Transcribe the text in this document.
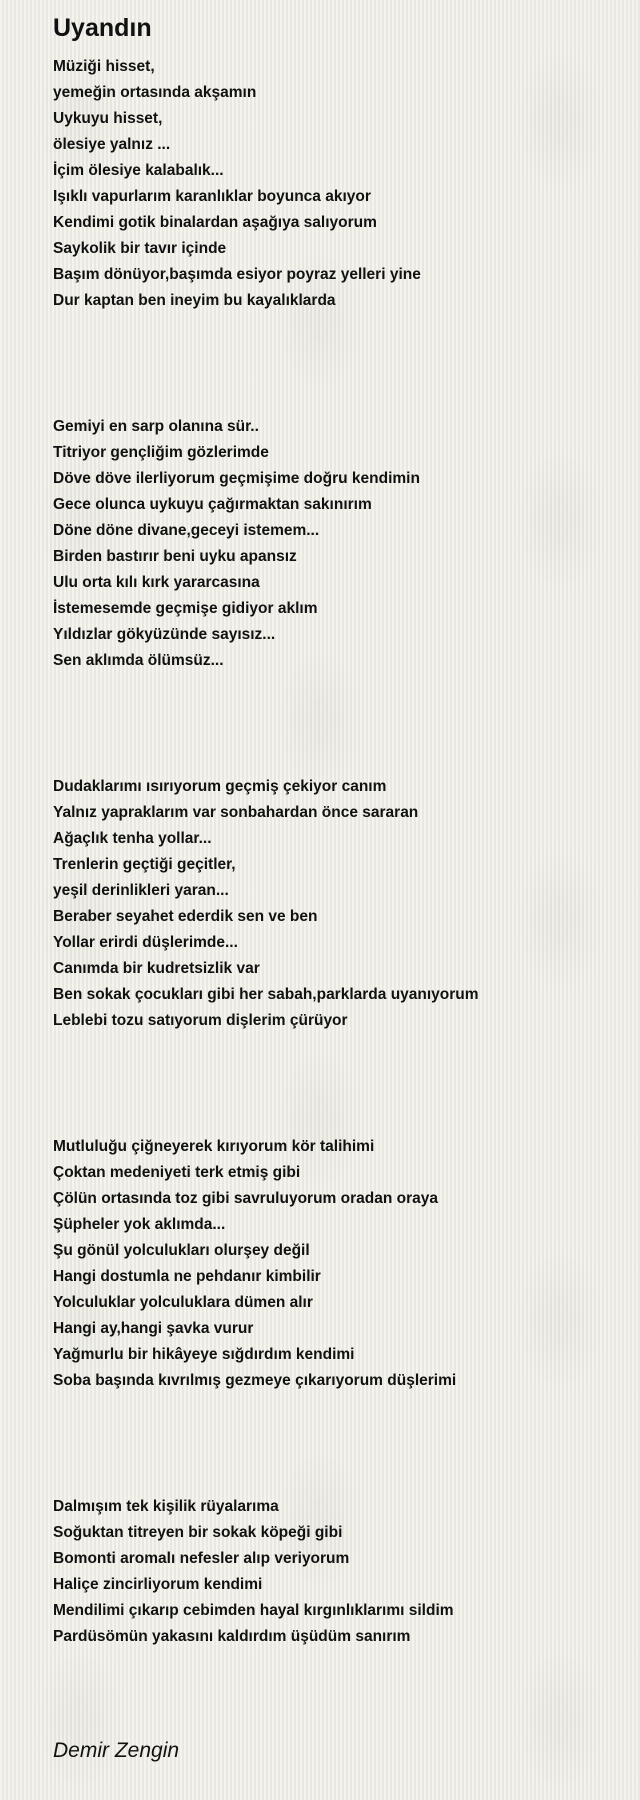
Uyandın
Müziği hisset,
yemeğin ortasında akşamın
Uykuyu hisset,
ölesiye yalnız ...
İçim ölesiye kalabalık...
Işıklı vapurlarım karanlıklar boyunca akıyor
Kendimi gotik binalardan aşağıya salıyorum
Saykolik bir tavır içinde
Başım dönüyor,başımda esiyor poyraz yelleri yine
Dur kaptan ben ineyim bu kayalıklarda
Gemiyi en sarp olanına sür..
Titriyor gençliğim gözlerimde
Döve döve ilerliyorum geçmişime doğru kendimin
Gece olunca uykuyu çağırmaktan sakınırım
Döne döne divane,geceyi istemem...
Birden bastırır beni uyku apansız
Ulu orta kılı kırk yararcasına
İstemesemde geçmişe gidiyor aklım
Yıldızlar gökyüzünde sayısız...
Sen aklımda ölümsüz...
Dudaklarımı ısırıyorum geçmiş çekiyor canım
Yalnız yapraklarım var sonbahardan önce sararan
Ağaçlık tenha yollar...
Trenlerin geçtiği geçitler,
yeşil derinlikleri yaran...
Beraber seyahet ederdik sen ve ben
Yollar erirdi düşlerimde...
Canımda bir kudretsizlik var
Ben sokak çocukları gibi her sabah,parklarda uyanıyorum
Leblebi tozu satıyorum dişlerim çürüyor
Mutluluğu çiğneyerek kırıyorum kör talihimi
Çoktan medeniyeti terk etmiş gibi
Çölün ortasında toz gibi savruluyorum oradan oraya
Şüpheler yok aklımda...
Şu gönül yolculukları olurşey değil
Hangi dostumla ne pehdanır kimbilir
Yolculuklar yolculuklara dümen alır
Hangi ay,hangi şavka vurur
Yağmurlu bir hikâyeye sığdırdım kendimi
Soba başında kıvrılmış gezmeye çıkarıyorum düşlerimi
Dalmışım tek kişilik rüyalarıma
Soğuktan titreyen bir sokak köpeği gibi
Bomonti aromalı nefesler alıp veriyorum
Haliçe zincirliyorum kendimi
Mendilimi çıkarıp cebimden hayal kırgınlıklarımı sildim
Pardüsömün yakasını kaldırdım üşüdüm sanırım
Demir Zengin
